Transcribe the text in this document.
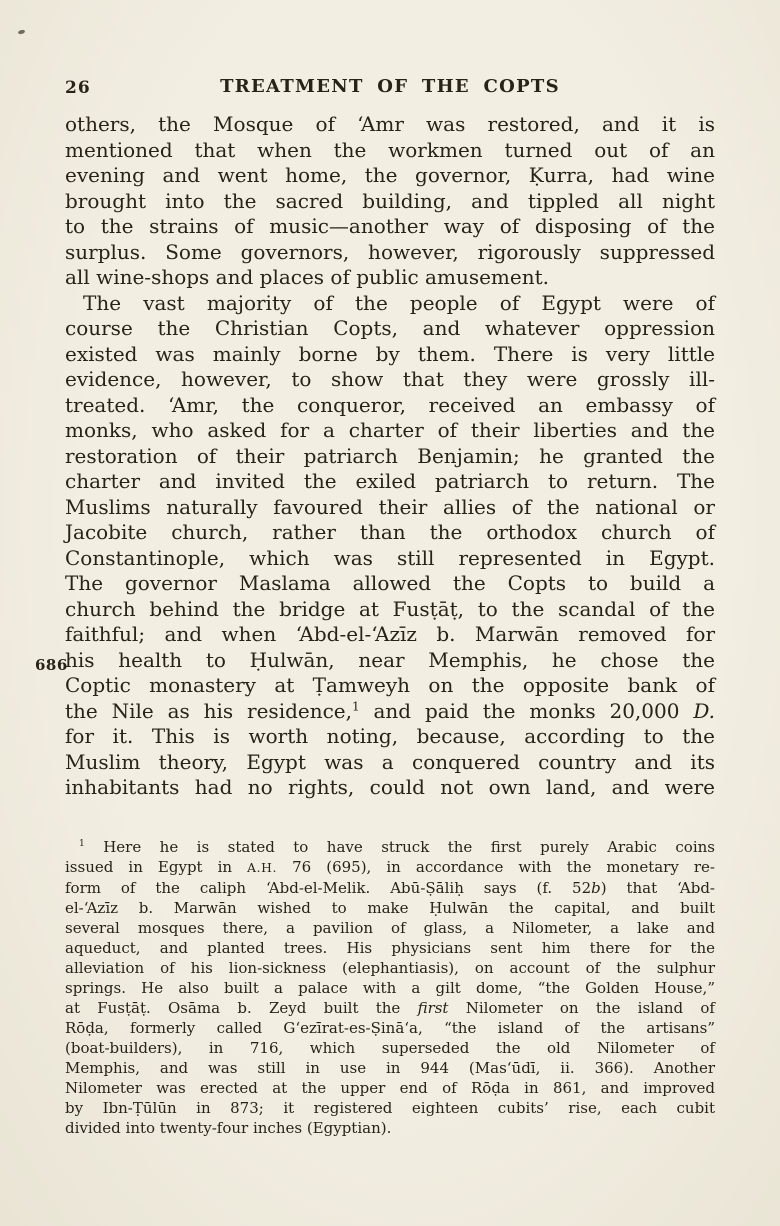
26	TREATMENT OF THE COPTS
others, the Mosque of ‘Amr was restored, and it is
mentioned that when the workmen turned out of an
evening and went home, the governor, Ḳurra, had wine
brought into the sacred building, and tippled all night
to the strains of music—another way of disposing of the
surplus. Some governors, however, rigorously suppressed
all wine-shops and places of public amusement.
The vast majority of the people of Egypt were of
course the Christian Copts, and whatever oppression
existed was mainly borne by them. There is very little
evidence, however, to show that they were grossly ill-
treated. ‘Amr, the conqueror, received an embassy of
monks, who asked for a charter of their liberties and the
restoration of their patriarch Benjamin; he granted the
charter and invited the exiled patriarch to return. The
Muslims naturally favoured their allies of the national or
Jacobite church, rather than the orthodox church of
Constantinople, which was still represented in Egypt.
The governor Maslama allowed the Copts to build a
church behind the bridge at Fusṭāṭ, to the scandal of the
faithful; and when ‘Abd-el-‘Azīz b. Marwān removed for
686
his health to Ḥulwān, near Memphis, he chose the
Coptic monastery at Ṭamweyh on the opposite bank of
the Nile as his residence,$^1$ and paid the monks 20,000 D.
for it. This is worth noting, because, according to the
Muslim theory, Egypt was a conquered country and its
inhabitants had no rights, could not own land, and were
$^1$ Here he is stated to have struck the first purely Arabic coins
issued in Egypt in A.H. 76 (695), in accordance with the monetary re-
form of the caliph ‘Abd-el-Melik. Abū-Ṣāliḥ says (f. 52b) that ‘Abd-
el-‘Azīz b. Marwān wished to make Ḥulwān the capital, and built
several mosques there, a pavilion of glass, a Nilometer, a lake and
aqueduct, and planted trees. His physicians sent him there for the
alleviation of his lion-sickness (elephantiasis), on account of the sulphur
springs. He also built a palace with a gilt dome, “the Golden House,”
at Fusṭāṭ. Osāma b. Zeyd built the first Nilometer on the island of
Rōḍa, formerly called G‘ezīrat-es-Ṣinā‘a, “the island of the artisans”
(boat-builders), in 716, which superseded the old Nilometer of
Memphis, and was still in use in 944 (Mas‘ūdī, ii. 366). Another
Nilometer was erected at the upper end of Rōḍa in 861, and improved
by Ibn-Ṭūlūn in 873; it registered eighteen cubits’ rise, each cubit
divided into twenty-four inches (Egyptian).
